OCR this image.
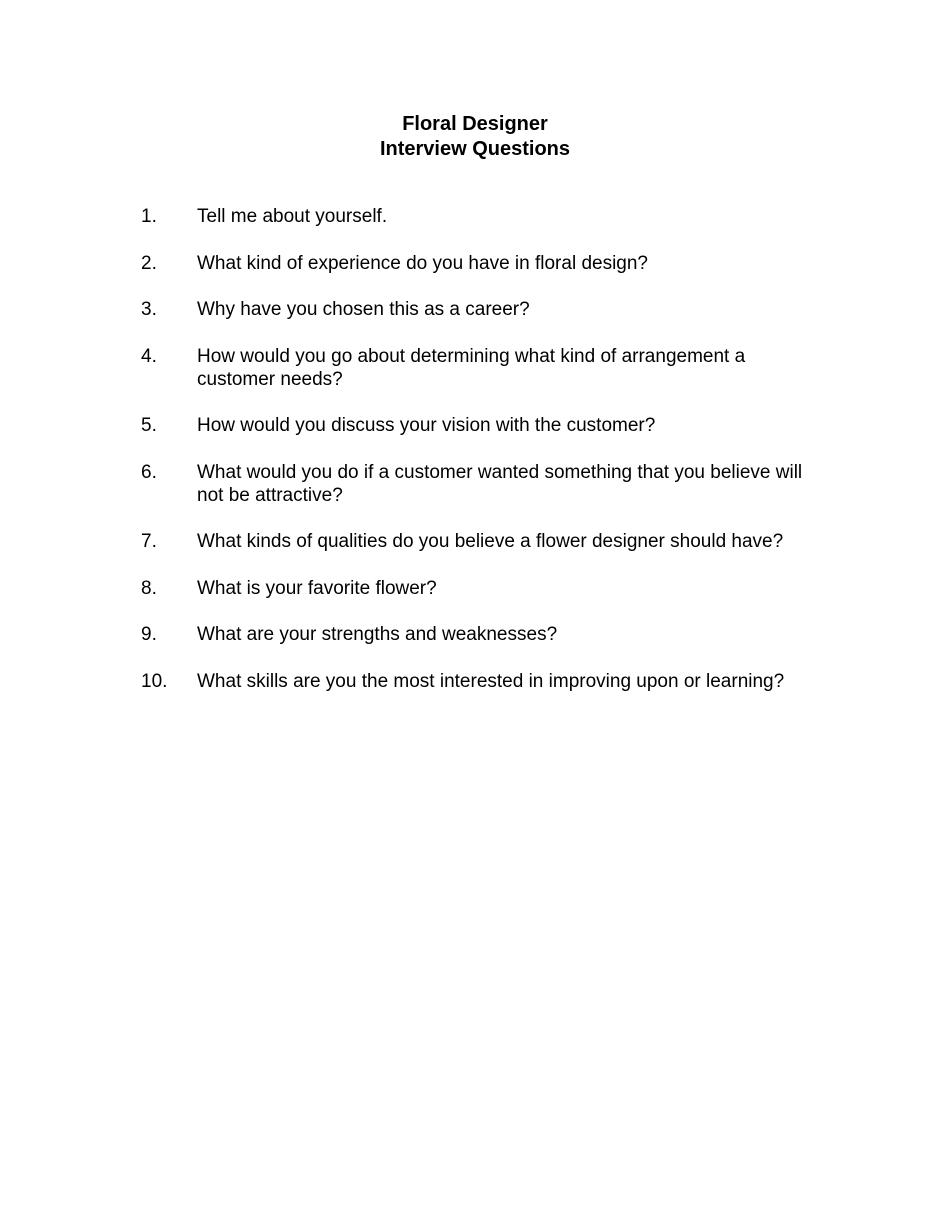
Floral Designer
Interview Questions
1.	Tell me about yourself.
2.	What kind of experience do you have in floral design?
3.	Why have you chosen this as a career?
4.	How would you go about determining what kind of arrangement a customer needs?
5.	How would you discuss your vision with the customer?
6.	What would you do if a customer wanted something that you believe will not be attractive?
7.	What kinds of qualities do you believe a flower designer should have?
8.	What is your favorite flower?
9.	What are your strengths and weaknesses?
10.	What skills are you the most interested in improving upon or learning?
